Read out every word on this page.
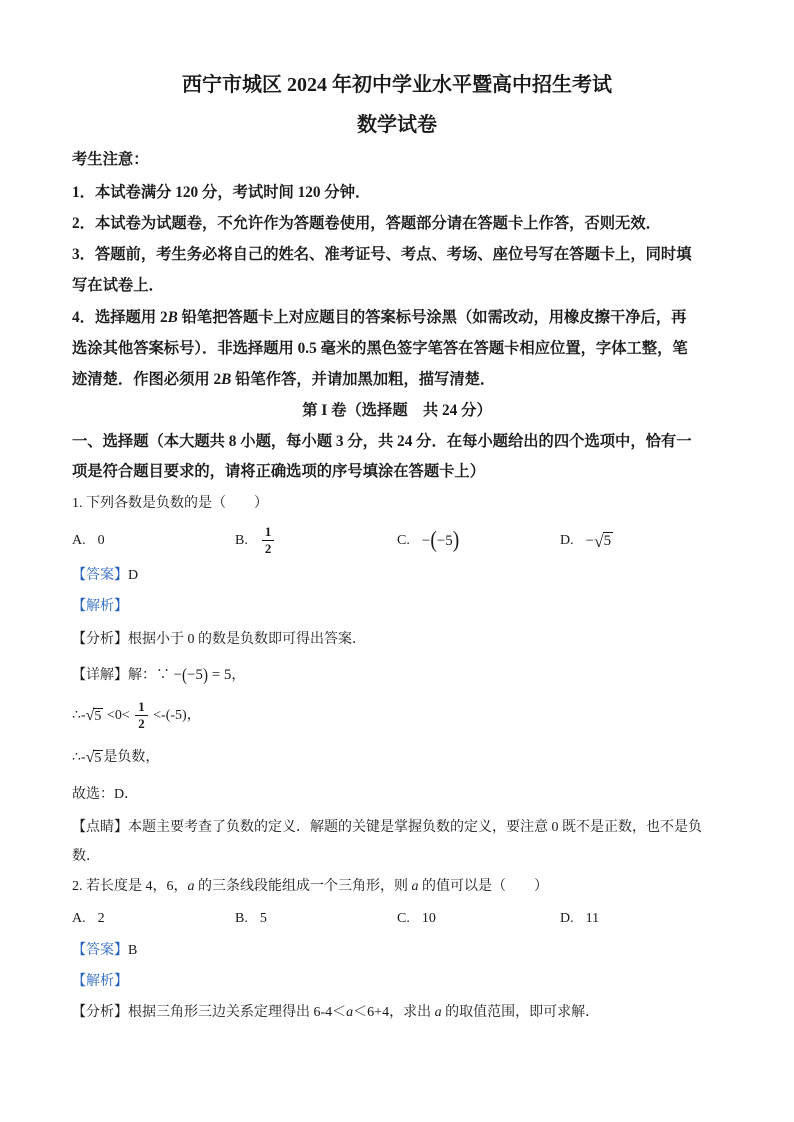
西宁市城区 2024 年初中学业水平暨高中招生考试
数学试卷
考生注意：
1．本试卷满分 120 分，考试时间 120 分钟．
2．本试卷为试题卷，不允许作为答题卷使用，答题部分请在答题卡上作答，否则无效．
3．答题前，考生务必将自己的姓名、准考证号、考点、考场、座位号写在答题卡上，同时填
写在试卷上．
4．选择题用 2B 铅笔把答题卡上对应题目的答案标号涂黑（如需改动，用橡皮擦干净后，再
选涂其他答案标号）．非选择题用 0.5 毫米的黑色签字笔答在答题卡相应位置，字体工整，笔
迹清楚．作图必须用 2B 铅笔作答，并请加黑加粗，描写清楚．
第 I 卷（选择题　共 24 分）
一、选择题（本大题共 8 小题，每小题 3 分，共 24 分．在每小题给出的四个选项中，恰有一
项是符合题目要求的，请将正确选项的序号填涂在答题卡上）
1. 下列各数是负数的是（　　）
A. 0	B. $\frac{1}{2}$	C. − ( −5 )	D. − √ 5
【答案】D
【解析】
【分析】根据小于 0 的数是负数即可得出答案．
【详解】解：∵ −(−5) = 5，
∴- √ $5 <0< \frac{1}{2} <-(-5)$，
∴- √ 5 是负数，
故选：D．
【点睛】本题主要考查了负数的定义．解题的关键是掌握负数的定义，要注意 0 既不是正数，也不是负
数．
2. 若长度是 4，6，a 的三条线段能组成一个三角形，则 a 的值可以是（　　）
A. 2	B. 5	C. 10	D. 11
【答案】B
【解析】
【分析】根据三角形三边关系定理得出 6-4＜a＜6+4，求出 a 的取值范围，即可求解．
